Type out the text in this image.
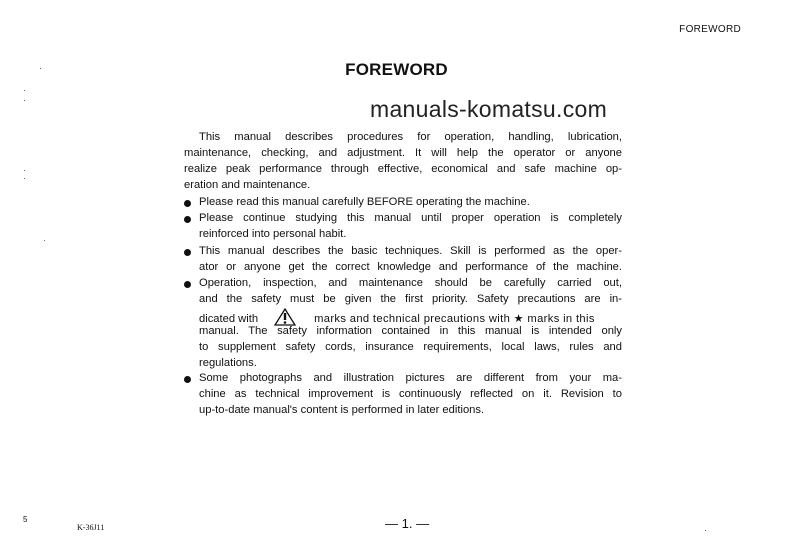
FOREWORD
FOREWORD
manuals-komatsu.com
This manual describes procedures for operation, handling, lubrication,
maintenance, checking, and adjustment. It will help the operator or anyone
realize peak performance through effective, economical and safe machine op-
eration and maintenance.
Please read this manual carefully BEFORE operating the machine.
Please continue studying this manual until proper operation is completely
reinforced into personal habit.
This manual describes the basic techniques. Skill is performed as the oper-
ator or anyone get the correct knowledge and performance of the machine.
Operation, inspection, and maintenance should be carefully carried out,
and the safety must be given the first priority. Safety precautions are in-
dicated with	marks and technical precautions with ★ marks in this
manual. The safety information contained in this manual is intended only
to supplement safety cords, insurance requirements, local laws, rules and
regulations.
Some photographs and illustration pictures are different from your ma-
chine as technical improvement is continuously reflected on it. Revision to
up-to-date manual's content is performed in later editions.
5
K-36J11	— 1. —
